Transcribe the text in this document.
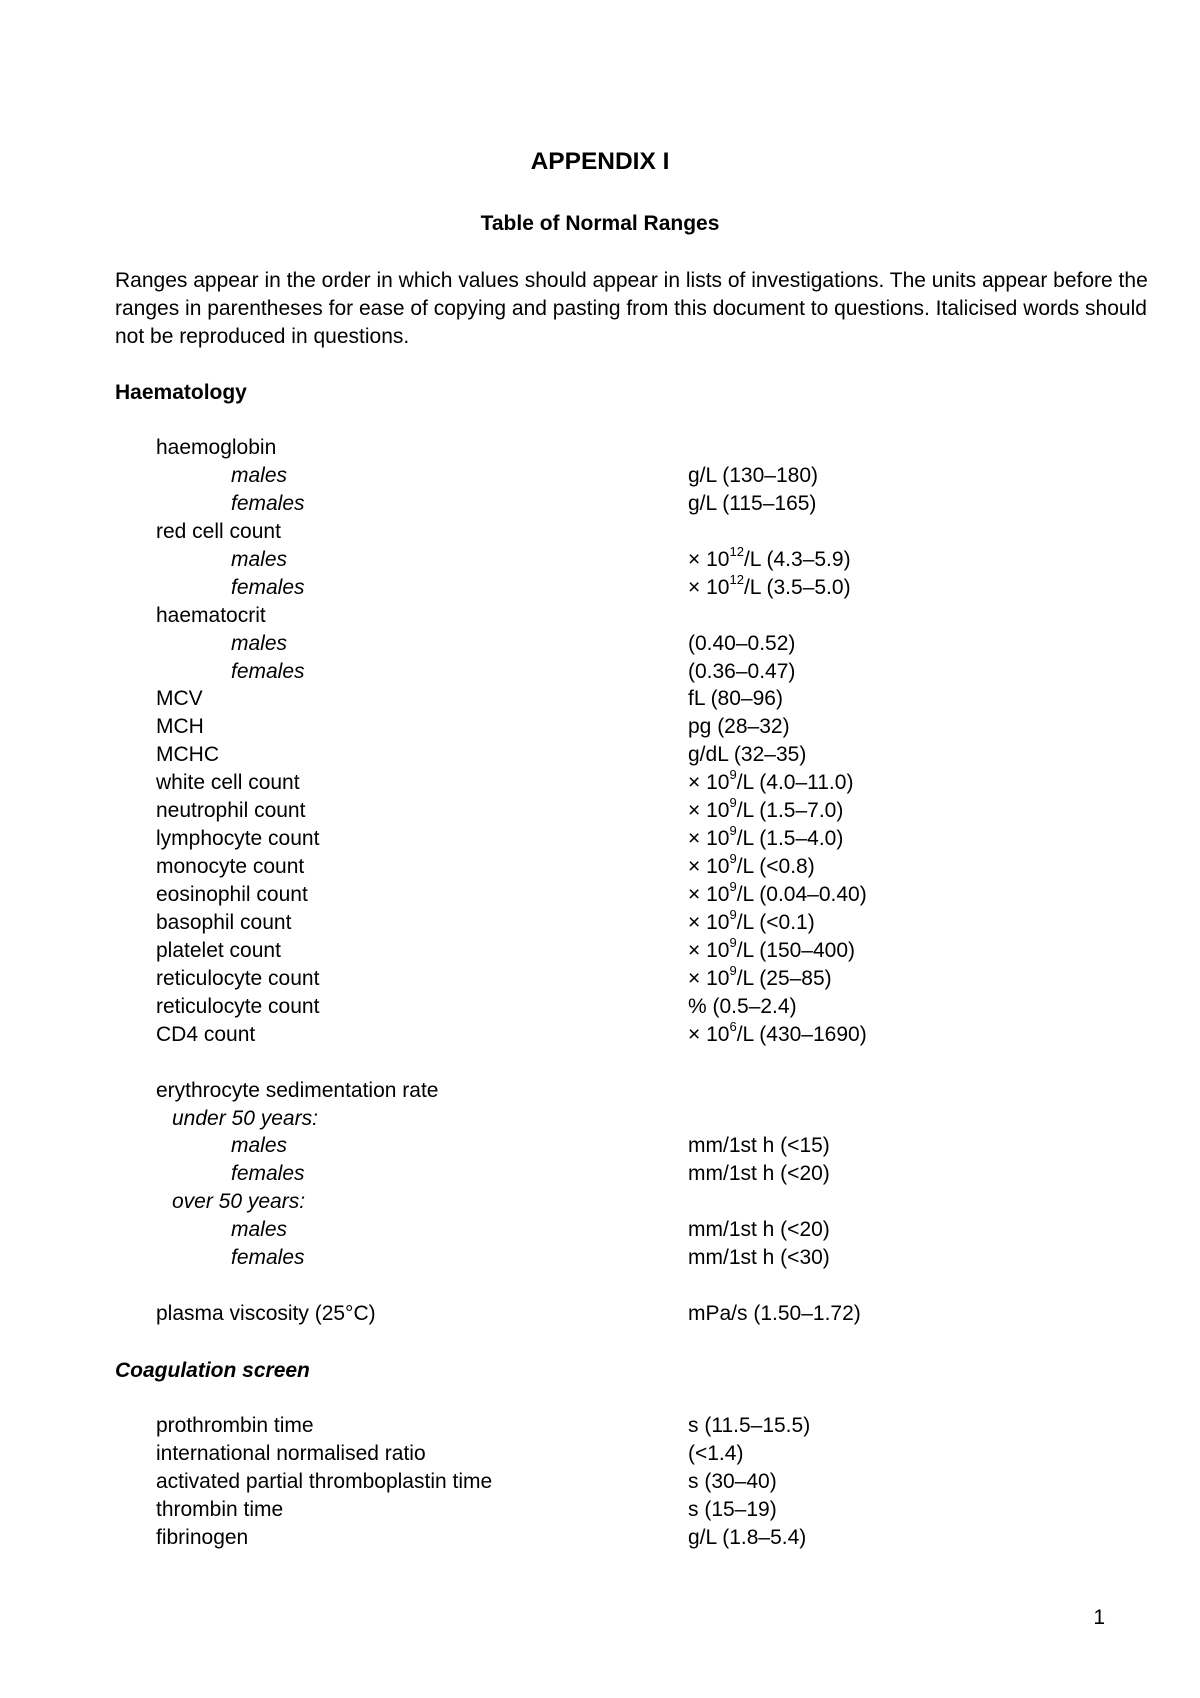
APPENDIX I
Table of Normal Ranges

Ranges appear in the order in which values should appear in lists of investigations. The units appear before the ranges in parentheses for ease of copying and pasting from this document to questions. Italicised words should not be reproduced in questions.

Haematology
haemoglobin
males	g/L (130–180)
females	g/L (115–165)
red cell count
males	× $10^{12}/L$ (4.3–5.9)
females	× $10^{12}/L$ (3.5–5.0)
haematocrit
males	(0.40–0.52)
females	(0.36–0.47)
MCV	fL (80–96)
MCH	pg (28–32)
MCHC	g/dL (32–35)
white cell count	× $10^9/L$ (4.0–11.0)
neutrophil count	× $10^9/L$ (1.5–7.0)
lymphocyte count	× $10^9/L$ (1.5–4.0)
monocyte count	× $10^9/L$ (<0.8)
eosinophil count	× $10^9/L$ (0.04–0.40)
basophil count	× $10^9/L$ (<0.1)
platelet count	× $10^9/L$ (150–400)
reticulocyte count	× $10^9/L$ (25–85)
reticulocyte count	% (0.5–2.4)
CD4 count	× $10^6/L$ (430–1690)
erythrocyte sedimentation rate
under 50 years:
males	mm/1st h (<15)
females	mm/1st h (<20)
over 50 years:
males	mm/1st h (<20)
females	mm/1st h (<30)
plasma viscosity (25°C)	mPa/s (1.50–1.72)
Coagulation screen
prothrombin time	s (11.5–15.5)
international normalised ratio	(<1.4)
activated partial thromboplastin time	s (30–40)
thrombin time	s (15–19)
fibrinogen	g/L (1.8–5.4)
1
